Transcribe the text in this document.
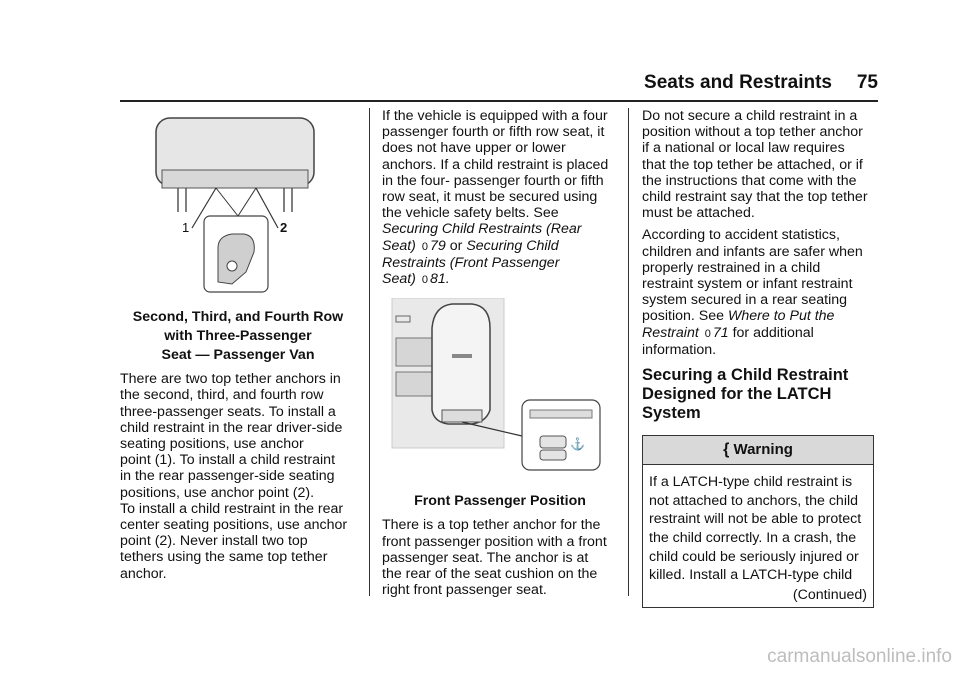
Seats and Restraints 75
1	2
Second, Third, and Fourth Row
with Three-Passenger
Seat — Passenger Van
There are two top tether anchors in
the second, third, and fourth row
three-passenger seats. To install a
child restraint in the rear driver-side
seating positions, use anchor
point (1). To install a child restraint
in the rear passenger-side seating
positions, use anchor point (2).
To install a child restraint in the rear
center seating positions, use anchor
point (2). Never install two top
tethers using the same top tether
anchor.
If the vehicle is equipped with a four
passenger fourth or fifth row seat, it
does not have upper or lower
anchors. If a child restraint is placed
in the four- passenger fourth or fifth
row seat, it must be secured using
the vehicle safety belts. See
Securing Child Restraints (Rear
Seat) 0 79 or Securing Child
Restraints (Front Passenger
Seat) 0 81.
⚓
Front Passenger Position
There is a top tether anchor for the
front passenger position with a front
passenger seat. The anchor is at
the rear of the seat cushion on the
right front passenger seat.
Do not secure a child restraint in a
position without a top tether anchor
if a national or local law requires
that the top tether be attached, or if
the instructions that come with the
child restraint say that the top tether
must be attached.
According to accident statistics,
children and infants are safer when
properly restrained in a child
restraint system or infant restraint
system secured in a rear seating
position. See Where to Put the
Restraint 0 71 for additional
information.
Securing a Child Restraint
Designed for the LATCH
System
{ Warning
If a LATCH-type child restraint is
not attached to anchors, the child
restraint will not be able to protect
the child correctly. In a crash, the
child could be seriously injured or
killed. Install a LATCH-type child
(Continued)
carmanualsonline.info
